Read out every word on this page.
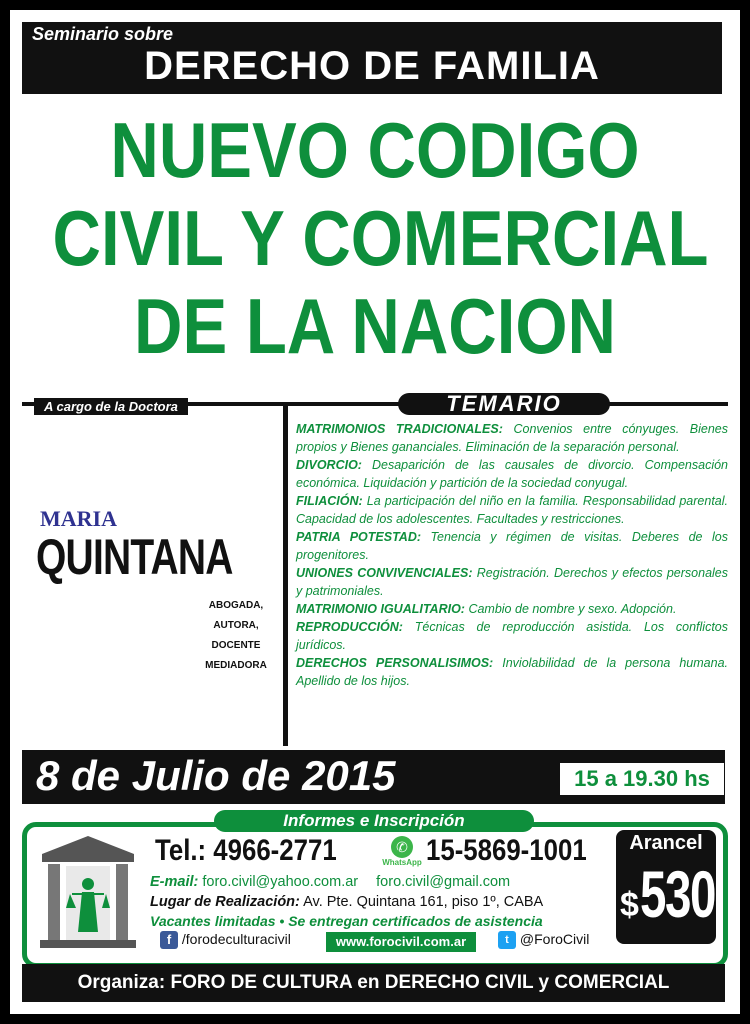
Seminario sobre
DERECHO DE FAMILIA
NUEVO CODIGO
CIVIL Y COMERCIAL
DE LA NACION
A cargo de la Doctora	TEMARIO
MARIA
QUINTANA
ABOGADA,
AUTORA,
DOCENTE
MEDIADORA

MATRIMONIOS TRADICIONALES: Convenios entre cónyuges. Bienes propios y Bienes gananciales. Eliminación de la separación personal.

DIVORCIO: Desaparición de las causales de divorcio. Compensación económica. Liquidación y partición de la sociedad conyugal.

FILIACIÓN: La participación del niño en la familia. Responsabilidad parental. Capacidad de los adolescentes. Facultades y restricciones.

PATRIA POTESTAD: Tenencia y régimen de visitas. Deberes de los progenitores.

UNIONES CONVIVENCIALES: Registración. Derechos y efectos personales y patrimoniales.

MATRIMONIO IGUALITARIO: Cambio de nombre y sexo. Adopción.

REPRODUCCIÓN: Técnicas de reproducción asistida. Los conflictos jurídicos.

DERECHOS PERSONALISIMOS: Inviolabilidad de la persona humana. Apellido de los hijos.

8 de Julio de 2015	15 a 19.30 hs
Informes e Inscripción
Tel.: 4966-2771	✆
WhatsApp 15-5869-1001
E-mail: foro.civil@yahoo.com.ar foro.civil@gmail.com
Lugar de Realización: Av. Pte. Quintana 161, piso 1º, CABA
Vacantes limitadas • Se entregan certificados de asistencia
f /forodeculturacivil	www.forocivil.com.ar	t @ForoCivil
Arancel
$ 530
Organiza: FORO DE CULTURA en DERECHO CIVIL y COMERCIAL
